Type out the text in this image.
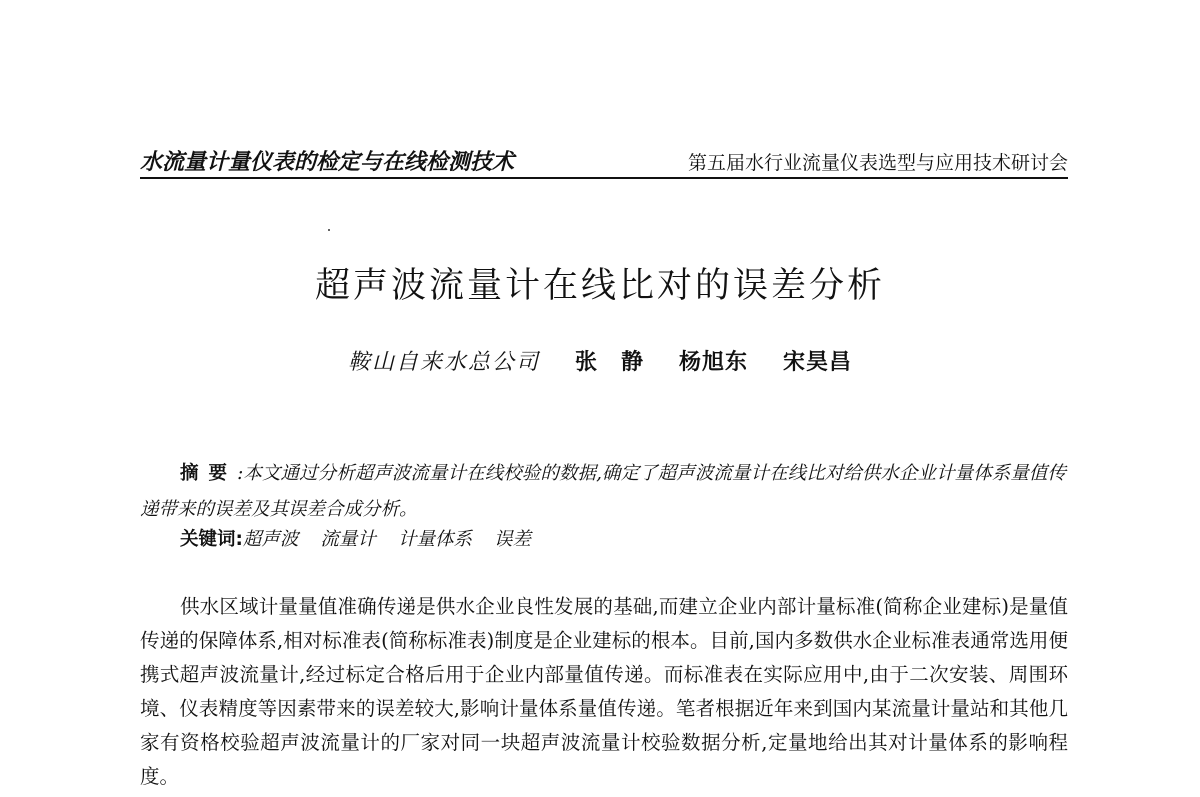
水流量计量仪表的检定与在线检测技术	第五届水行业流量仪表选型与应用技术研讨会
超声波流量计在线比对的误差分析
鞍山自来水总公司 张　静 杨旭东 宋昊昌
摘要:本文通过分析超声波流量计在线校验的数据,确定了超声波流量计在线比对给供水企业计量体系量值传递带来的误差及其误差合成分析。
关键词:超声波 流量计 计量体系 误差
供水区域计量量值准确传递是供水企业良性发展的基础,而建立企业内部计量标准(简称企业建标)是量值传递的保障体系,相对标准表(简称标准表)制度是企业建标的根本。目前,国内多数供水企业标准表通常选用便携式超声波流量计,经过标定合格后用于企业内部量值传递。而标准表在实际应用中,由于二次安装、周围环境、仪表精度等因素带来的误差较大,影响计量体系量值传递。笔者根据近年来到国内某流量计量站和其他几家有资格校验超声波流量计的厂家对同一块超声波流量计校验数据分析,定量地给出其对计量体系的影响程度。
